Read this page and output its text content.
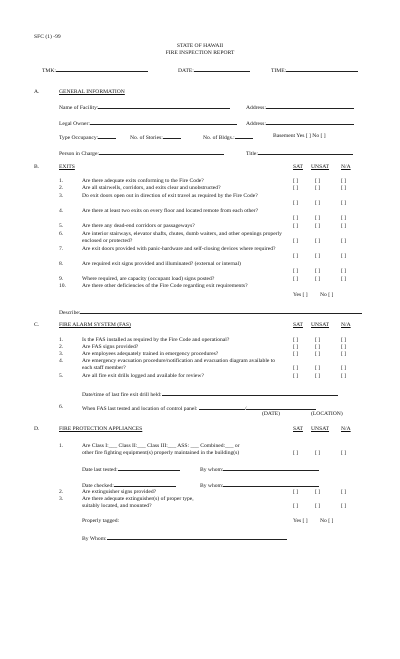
SFC (1) -99
STATE OF HAWAII
FIRE INSPECTION REPORT
TMK:	DATE:	TIME:
A.	GENERAL INFORMATION
Name of Facility:	Address:
Legal Owner:	Address:
Type Occupancy:	No. of Stories:	No. of Bldgs.:	Basement Yes [ ] No [ ]
Person in Charge:	Title:
B.	EXITS	SAT UNSAT N/A
1.	Are there adequate exits conforming to the Fire Code?	[ ]	[ ]	[ ]
2.	Are all stairwells, corridors, and exits clear and unobstructed?	[ ]	[ ]	[ ]
3.	Do exit doors open out in direction of exit travel as required by the Fire Code?
[ ]	[ ]	[ ]
4.	Are there at least two exits on every floor and located remote from each other?
[ ]	[ ]	[ ]
5.	Are there any dead-end corridors or passageways?	[ ]	[ ]	[ ]
6.	Are interior stairways, elevator shafts, chutes, dumb waiters, and other openings properly enclosed or protected?	[ ]	[ ]	[ ]
7.	Are exit doors provided with panic-hardware and self-closing devices where required?
[ ]	[ ]	[ ]
8.	Are required exit signs provided and illuminated? (external or internal)
[ ]	[ ]	[ ]
9.	Where required, are capacity (occupant load) signs posted?	[ ]	[ ]	[ ]
10.	Are there other deficiencies of the Fire Code regarding exit requirements?
Yes [ ] No [ ]
Describe:
C.	FIRE ALARM SYSTEM (FAS)	SAT UNSAT N/A
1.	Is the FAS installed as required by the Fire Code and operational?	[ ]	[ ]	[ ]
2.	Are FAS signs provided?	[ ]	[ ]	[ ]
3.	Are employees adequately trained in emergency procedures?	[ ]	[ ]	[ ]
4.	Are emergency evacuation procedure/notification and evacuation diagram available to each staff member?	[ ]	[ ]	[ ]
5.	Are all fire exit drills logged and available for review?	[ ]	[ ]	[ ]
Date/time of last fire exit drill held:
6.	When FAS last tested and location of control panel:	/
(DATE)	(LOCATION)
D.	FIRE PROTECTION APPLIANCES	SAT UNSAT N/A
1.	Are Class I:___ Class II:___ Class III:___ ASS: ___ Combined:___ or
other fire fighting equipment(s) properly maintained in the building(s)	[ ]	[ ]	[ ]
Date last tested:	By whom:
Date checked:	By whom:
2.	Are extinguisher signs provided?	[ ]	[ ]	[ ]
3.	Are there adequate extinguisher(s) of proper type,
suitably located, and mounted?	[ ]	[ ]	[ ]
Properly tagged:	Yes [ ] No [ ]
By Whom:
